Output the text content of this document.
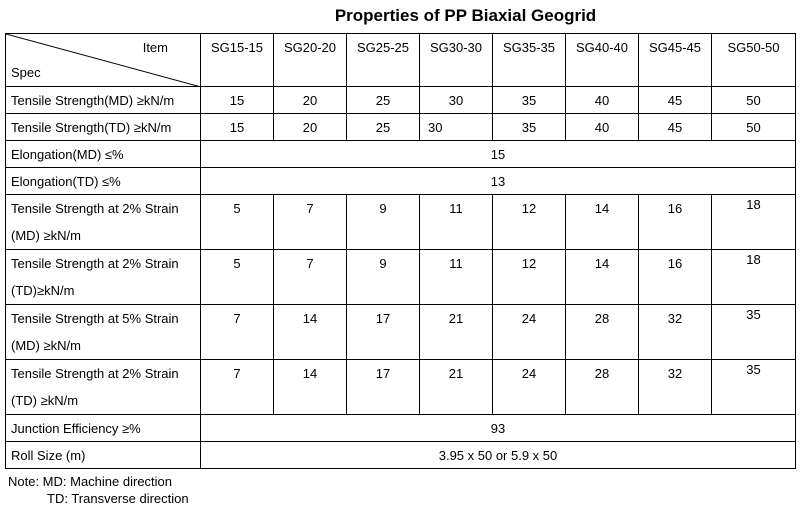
Properties of PP Biaxial Geogrid
Item
Spec	SG15-15	SG20-20	SG25-25	SG30-30	SG35-35	SG40-40	SG45-45	SG50-50
Tensile Strength(MD) ≥kN/m	15	20	25	30	35	40	45	50
Tensile Strength(TD) ≥kN/m	15	20	25	30	35	40	45	50
Elongation(MD) ≤%	15							
Elongation(TD) ≤%	13							
Tensile Strength at 2% Strain
(MD) ≥kN/m	5	7	9	11	12	14	16	18
Tensile Strength at 2% Strain
(TD)≥kN/m	5	7	9	11	12	14	16	18
Tensile Strength at 5% Strain
(MD) ≥kN/m	7	14	17	21	24	28	32	35
Tensile Strength at 2% Strain
(TD) ≥kN/m	7	14	17	21	24	28	32	35
Junction Efficiency ≥%	93							
Roll Size (m)	3.95 x 50 or 5.9 x 50							
Note: MD: Machine direction
TD: Transverse direction
